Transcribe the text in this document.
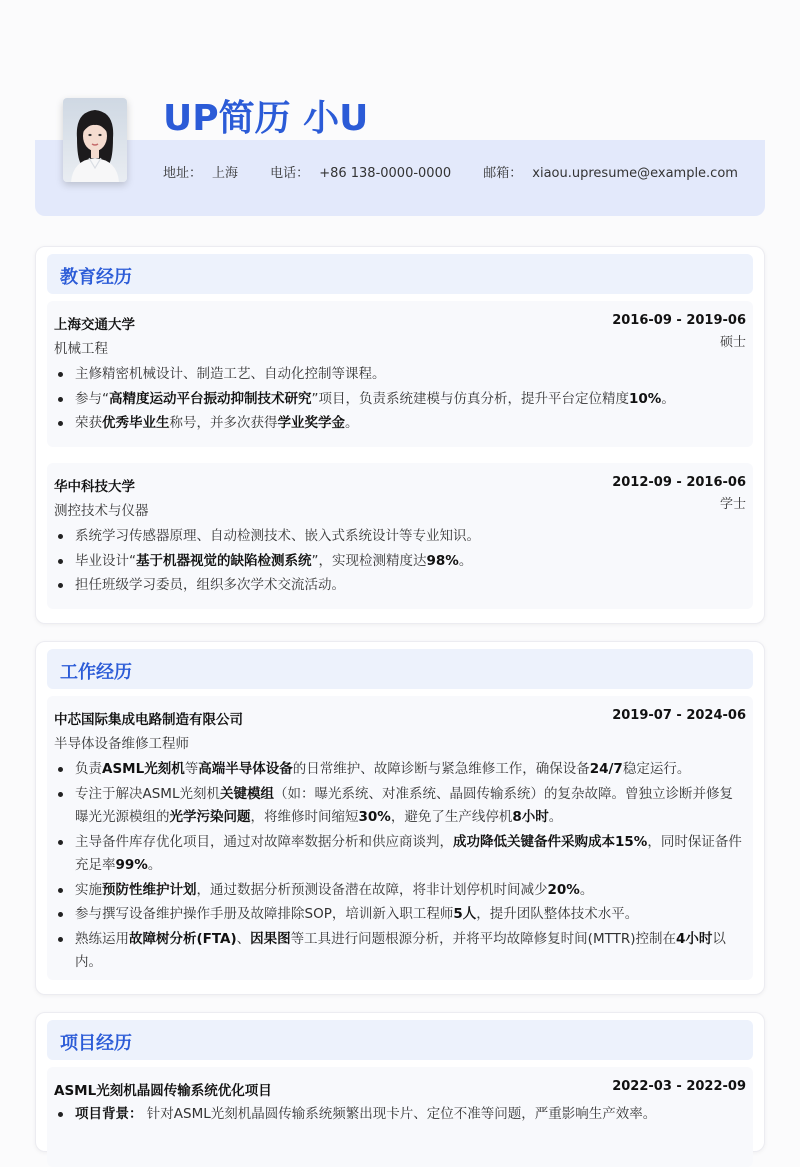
UP简历 小U
地址： 上海 电话： +86 138-0000-0000 邮箱： xiaou.upresume@example.com
教育经历
上海交通大学
机械工程
2016-09 - 2019-06
硕士
主修精密机械设计、制造工艺、自动化控制等课程。
参与“高精度运动平台振动抑制技术研究”项目，负责系统建模与仿真分析，提升平台定位精度10%。
荣获优秀毕业生称号，并多次获得学业奖学金。
华中科技大学
测控技术与仪器
2012-09 - 2016-06
学士
系统学习传感器原理、自动检测技术、嵌入式系统设计等专业知识。
毕业设计“基于机器视觉的缺陷检测系统”，实现检测精度达98%。
担任班级学习委员，组织多次学术交流活动。
工作经历
中芯国际集成电路制造有限公司
半导体设备维修工程师
2019-07 - 2024-06
负责ASML光刻机等高端半导体设备的日常维护、故障诊断与紧急维修工作，确保设备24/7稳定运行。
专注于解决ASML光刻机关键模组（如：曝光系统、对准系统、晶圆传输系统）的复杂故障。曾独立诊断并修复曝光光源模组的光学污染问题，将维修时间缩短30%，避免了生产线停机8小时。
主导备件库存优化项目，通过对故障率数据分析和供应商谈判，成功降低关键备件采购成本15%，同时保证备件充足率99%。
实施预防性维护计划，通过数据分析预测设备潜在故障，将非计划停机时间减少20%。
参与撰写设备维护操作手册及故障排除SOP，培训新入职工程师5人，提升团队整体技术水平。
熟练运用故障树分析(FTA)、因果图等工具进行问题根源分析，并将平均故障修复时间(MTTR)控制在4小时以内。
项目经历
ASML光刻机晶圆传输系统优化项目	2022-03 - 2022-09
项目背景： 针对ASML光刻机晶圆传输系统频繁出现卡片、定位不准等问题，严重影响生产效率。
